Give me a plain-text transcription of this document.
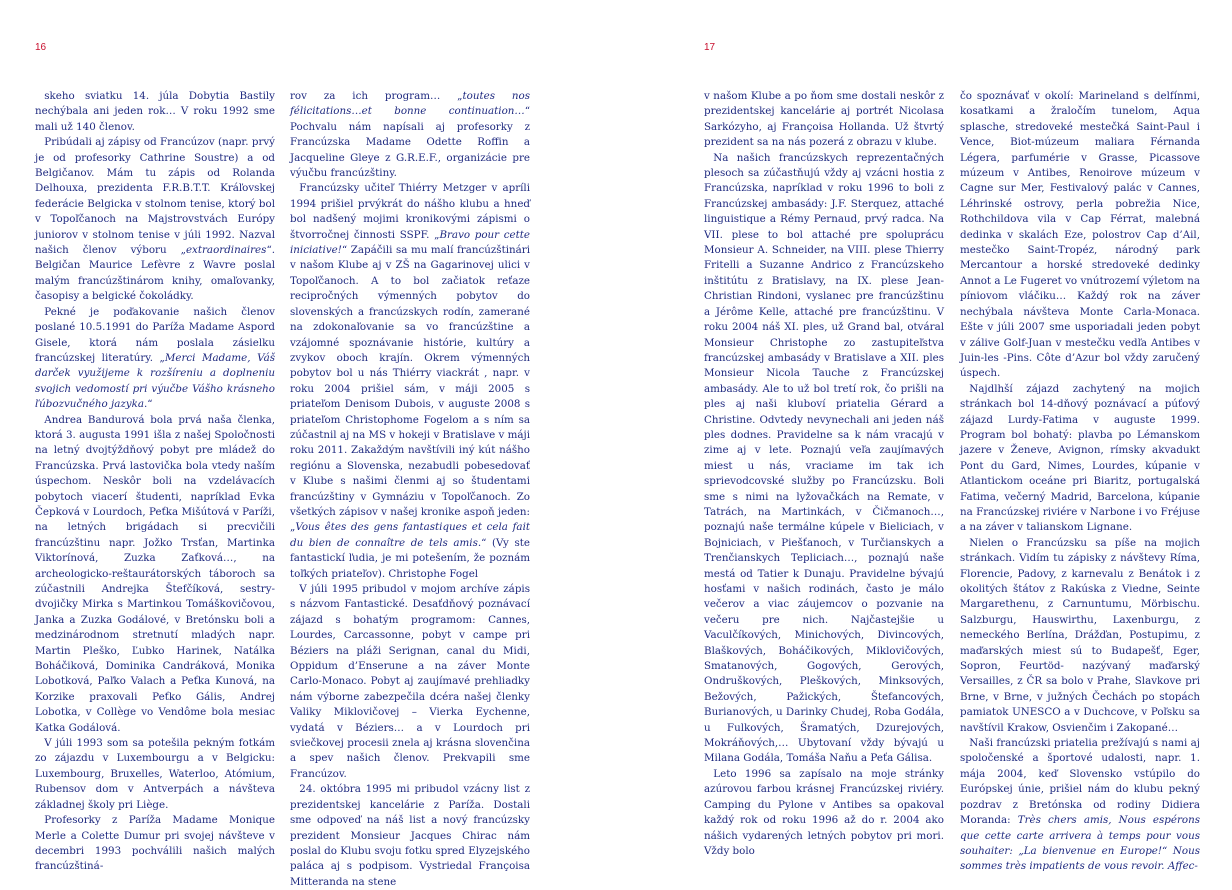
16	17

skeho sviatku 14. júla Dobytia Bastily nechýbala ani jeden rok… V roku 1992 sme mali už 140 členov.

Pribúdali aj zápisy od Francúzov (napr. prvý je od profesorky Cathrine Soustre) a od Belgičanov. Mám tu zápis od Rolanda Delhouxa, prezidenta F.R.B.T.T. Kráľovskej federácie Belgicka v stolnom tenise, ktorý bol v Topoľčanoch na Majstrovstvách Európy juniorov v stolnom tenise v júli 1992. Nazval našich členov výboru „extraordinaires“. Belgičan Maurice Lefèvre z Wavre poslal malým francúzštinárom knihy, omaľovanky, časopisy a belgické čokoládky.

Pekné je poďakovanie našich členov poslané 10.5.1991 do Paríža Madame Aspord Gisele, ktorá nám poslala zásielku francúzskej literatúry. „Merci Madame, Váš darček využijeme k rozšíreniu a doplneniu svojich vedomostí pri výučbe Vášho krásneho ľúbozvučného jazyka.“

Andrea Bandurová bola prvá naša členka, ktorá 3. augusta 1991 išla z našej Spoločnosti na letný dvojtýždňový pobyt pre mládež do Francúzska. Prvá lastovička bola vtedy naším úspechom. Neskôr boli na vzdelávacích pobytoch viacerí študenti, napríklad Evka Čepková v Lourdoch, Peťka Mišútová v Paríži, na letných brigádach si precvičili francúzštinu napr. Jožko Trsťan, Martinka Viktorínová, Zuzka Zaťková…, na archeologicko-reštaurátorských táboroch sa zúčastnili Andrejka Štefčíková, sestry- dvojičky Mirka s Martinkou Tomáškovičovou, Janka a Zuzka Godálové, v Bretónsku boli a medzinárodnom stretnutí mladých napr. Martin Pleško, Ľubko Harinek, Natálka Boháčiková, Dominika Candráková, Monika Lobotková, Paľko Valach a Peťka Kunová, na Korzike praxovali Peťko Gális, Andrej Lobotka, v Collège vo Vendôme bola mesiac Katka Godálová.

V júli 1993 som sa potešila pekným fotkám zo zájazdu v Luxembourgu a v Belgicku: Luxembourg, Bruxelles, Waterloo, Atómium, Rubensov dom v Antverpách a návšteva základnej školy pri Liège.

Profesorky z Paríža Madame Monique Merle a Colette Dumur pri svojej návšteve v decembri 1993 pochválili našich malých francúzštiná-

rov za ich program… „toutes nos félicitations…et bonne continuation…“ Pochvalu nám napísali aj profesorky z Francúzska Madame Odette Roffin a Jacqueline Gleye z G.R.E.F., organizácie pre výučbu francúzštiny.

Francúzsky učiteľ Thiérry Metzger v apríli 1994 prišiel prvýkrát do nášho klubu a hneď bol nadšený mojimi kronikovými zápismi o štvorročnej činnosti SSPF. „Bravo pour cette iniciative!“ Zapáčili sa mu malí francúzštinári v našom Klube aj v ZŠ na Gagarinovej ulici v Topoľčanoch. A to bol začiatok reťaze recipročných výmenných pobytov do slovenských a francúzskych rodín, zamerané na zdokonaľovanie sa vo francúzštine a vzájomné spoznávanie histórie, kultúry a zvykov oboch krajín. Okrem výmenných pobytov bol u nás Thiérry viackrát , napr. v roku 2004 prišiel sám, v máji 2005 s priateľom Denisom Dubois, v auguste 2008 s priateľom Christophome Fogelom a s ním sa zúčastnil aj na MS v hokeji v Bratislave v máji roku 2011. Zakaždým navštívili iný kút nášho regiónu a Slovenska, nezabudli pobesedovať v Klube s našimi členmi aj so študentami francúzštiny v Gymnáziu v Topoľčanoch. Zo všetkých zápisov v našej kronike aspoň jeden: „Vous êtes des gens fantastiques et cela fait du bien de connaître de tels amis.“ (Vy ste fantastickí ľudia, je mi potešením, že poznám toľkých priateľov). Christophe Fogel

V júli 1995 pribudol v mojom archíve zápis s názvom Fantastické. Desaťdňový poznávací zájazd s bohatým programom: Cannes, Lourdes, Carcassonne, pobyt v campe pri Béziers na pláži Serignan, canal du Midi, Oppidum d’Enserune a na záver Monte Carlo-Monaco. Pobyt aj zaujímavé prehliadky nám výborne zabezpečila dcéra našej členky Valiky Miklovičovej – Vierka Eychenne, vydatá v Béziers… a v Lourdoch pri sviečkovej procesii znela aj krásna slovenčina a spev našich členov. Prekvapili sme Francúzov.

24. októbra 1995 mi pribudol vzácny list z prezidentskej kancelárie z Paríža. Dostali sme odpoveď na náš list a nový francúzsky prezident Monsieur Jacques Chirac nám poslal do Klubu svoju fotku spred Elyzejského paláca aj s podpisom. Vystriedal Françoisa Mitteranda na stene

v našom Klube a po ňom sme dostali neskôr z prezidentskej kancelárie aj portrét Nicolasa Sarkózyho, aj Françoisa Hollanda. Už štvrtý prezident sa na nás pozerá z obrazu v klube.

Na našich francúzskych reprezentačných plesoch sa zúčastňujú vždy aj vzácni hostia z Francúzska, napríklad v roku 1996 to boli z Francúzskej ambasády: J.F. Sterquez, attaché linguistique a Rémy Pernaud, prvý radca. Na VII. plese to bol attaché pre spoluprácu Monsieur A. Schneider, na VIII. plese Thierry Fritelli a Suzanne Andrico z Francúzskeho inštitútu z Bratislavy, na IX. plese Jean-Christian Rindoni, vyslanec pre francúzštinu a Jérôme Kelle, attaché pre francúzštinu. V roku 2004 náš XI. ples, už Grand bal, otváral Monsieur Christophe zo zastupiteľstva francúzskej ambasády v Bratislave a XII. ples Monsieur Nicola Tauche z Francúzskej ambasády. Ale to už bol tretí rok, čo prišli na ples aj naši kluboví priatelia Gérard a Christine. Odvtedy nevynechali ani jeden náš ples dodnes. Pravidelne sa k nám vracajú v zime aj v lete. Poznajú veľa zaujímavých miest u nás, vraciame im tak ich sprievodcovské služby po Francúzsku. Boli sme s nimi na lyžovačkách na Remate, v Tatrách, na Martinkách, v Čičmanoch…, poznajú naše termálne kúpele v Bieliciach, v Bojniciach, v Piešťanoch, v Turčianskych a Trenčianskych Tepliciach…, poznajú naše mestá od Tatier k Dunaju. Pravidelne bývajú hosťami v našich rodinách, často je málo večerov a viac záujemcov o pozvanie na večeru pre nich. Najčastejšie u Vaculčíkových, Minichových, Divincových, Blaškových, Boháčikových, Miklovičových, Smatanových, Gogových, Gerových, Ondruškových, Pleškových, Minksových, Bežových, Pažických, Štefancových, Burianových, u Darinky Chudej, Roba Godála, u Fulkových, Šramatých, Dzurejových, Mokráňových,… Ubytovaní vždy bývajú u Milana Godála, Tomáša Naňu a Peťa Gálisa.

Leto 1996 sa zapísalo na moje stránky azúrovou farbou krásnej Francúzskej riviéry. Camping du Pylone v Antibes sa opakoval každý rok od roku 1996 až do r. 2004 ako nášich vydarených letných pobytov pri mori. Vždy bolo

čo spoznávať v okolí: Marineland s delfínmi, kosatkami a žraločím tunelom, Aqua splasche, stredoveké mestečká Saint-Paul i Vence, Biot-múzeum maliara Férnanda Légera, parfumérie v Grasse, Picassove múzeum v Antibes, Renoirove múzeum v Cagne sur Mer, Festivalový palác v Cannes, Léhrinské ostrovy, perla pobrežia Nice, Rothchildova vila v Cap Férrat, malebná dedinka v skalách Eze, polostrov Cap d’Ail, mestečko Saint-Tropéz, národný park Mercantour a horské stredoveké dedinky Annot a Le Fugeret vo vnútrozemí výletom na píniovom vláčiku… Každý rok na záver nechýbala návšteva Monte Carla-Monaca. Ešte v júli 2007 sme usporiadali jeden pobyt v zálive Golf-Juan v mestečku vedľa Antibes v Juin-les -Pins. Côte d’Azur bol vždy zaručený úspech.

Najdlhší zájazd zachytený na mojich stránkach bol 14-dňový poznávací a púťový zájazd Lurdy-Fatima v auguste 1999. Program bol bohatý: plavba po Lémanskom jazere v Ženeve, Avignon, rímsky akvadukt Pont du Gard, Nimes, Lourdes, kúpanie v Atlantickom oceáne pri Biaritz, portugalská Fatima, večerný Madrid, Barcelona, kúpanie na Francúzskej riviére v Narbone i vo Fréjuse a na záver v talianskom Lignane.

Nielen o Francúzsku sa píše na mojich stránkach. Vidím tu zápisky z návštevy Ríma, Florencie, Padovy, z karnevalu z Benátok i z okolitých štátov z Rakúska z Viedne, Seinte Margarethenu, z Carnuntumu, Mörbischu. Salzburgu, Hauswirthu, Laxenburgu, z nemeckého Berlína, Drážďan, Postupimu, z maďarských miest sú to Budapešť, Eger, Sopron, Feurtöd- nazývaný maďarský Versailles, z ČR sa bolo v Prahe, Slavkove pri Brne, v Brne, v južných Čechách po stopách pamiatok UNESCO a v Duchcove, v Poľsku sa navštívil Krakow, Osvienčim i Zakopané…

Naši francúzski priatelia prežívajú s nami aj spoločenské a športové udalosti, napr. 1. mája 2004, keď Slovensko vstúpilo do Európskej únie, prišiel nám do klubu pekný pozdrav z Bretónska od rodiny Didiera Moranda: Très chers amis, Nous espérons que cette carte arrivera à temps pour vous souhaiter: „La bienvenue en Europe!“ Nous sommes très impatients de vous revoir. Affec-
